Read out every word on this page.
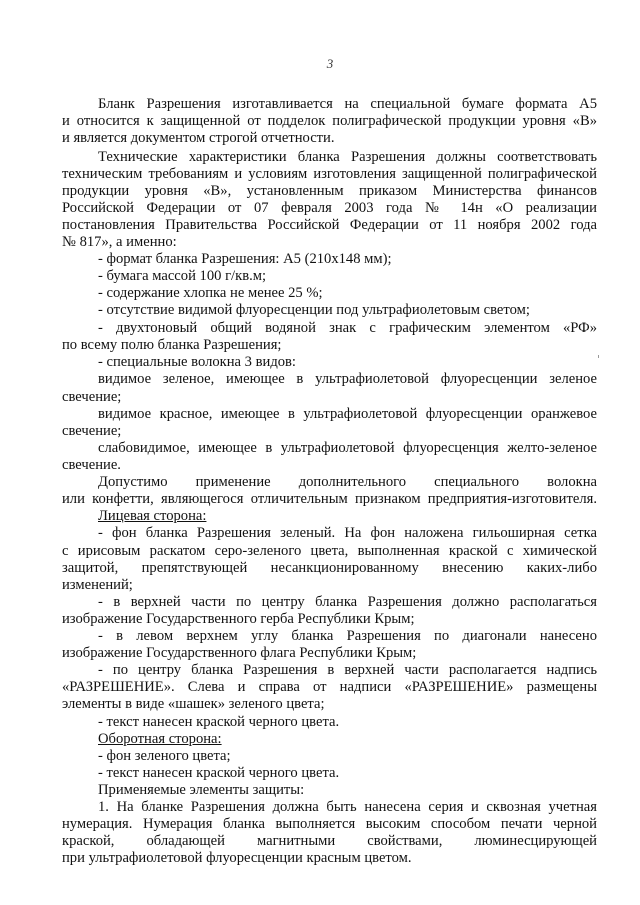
3
Бланк Разрешения изготавливается на специальной бумаге формата А5
и относится к защищенной от подделок полиграфической продукции уровня «В»
и является документом строгой отчетности.
Технические характеристики бланка Разрешения должны соответствовать
техническим требованиям и условиям изготовления защищенной полиграфической
продукции уровня «В», установленным приказом Министерства финансов
Российской Федерации от 07 февраля 2003 года № 14н «О реализации
постановления Правительства Российской Федерации от 11 ноября 2002 года
№ 817», а именно:
- формат бланка Разрешения: А5 (210х148 мм);
- бумага массой 100 г/кв.м;
- содержание хлопка не менее 25 %;
- отсутствие видимой флуоресценции под ультрафиолетовым светом;
- двухтоновый общий водяной знак с графическим элементом «РФ»
по всему полю бланка Разрешения;
- специальные волокна 3 видов:
видимое зеленое, имеющее в ультрафиолетовой флуоресценции зеленое
свечение;
видимое красное, имеющее в ультрафиолетовой флуоресценции оранжевое
свечение;
слабовидимое, имеющее в ультрафиолетовой флуоресценция желто-зеленое
свечение.
Допустимо применение дополнительного специального волокна
или конфетти, являющегося отличительным признаком предприятия-изготовителя.
Лицевая сторона:
- фон бланка Разрешения зеленый. На фон наложена гильоширная сетка
с ирисовым раскатом серо-зеленого цвета, выполненная краской с химической
защитой, препятствующей несанкционированному внесению каких-либо
изменений;
- в верхней части по центру бланка Разрешения должно располагаться
изображение Государственного герба Республики Крым;
- в левом верхнем углу бланка Разрешения по диагонали нанесено
изображение Государственного флага Республики Крым;
- по центру бланка Разрешения в верхней части располагается надпись
«РАЗРЕШЕНИЕ». Слева и справа от надписи «РАЗРЕШЕНИЕ» размещены
элементы в виде «шашек» зеленого цвета;
- текст нанесен краской черного цвета.
Оборотная сторона:
- фон зеленого цвета;
- текст нанесен краской черного цвета.
Применяемые элементы защиты:
1. На бланке Разрешения должна быть нанесена серия и сквозная учетная
нумерация. Нумерация бланка выполняется высоким способом печати черной
краской, обладающей магнитными свойствами, люминесцирующей
при ультрафиолетовой флуоресценции красным цветом.
